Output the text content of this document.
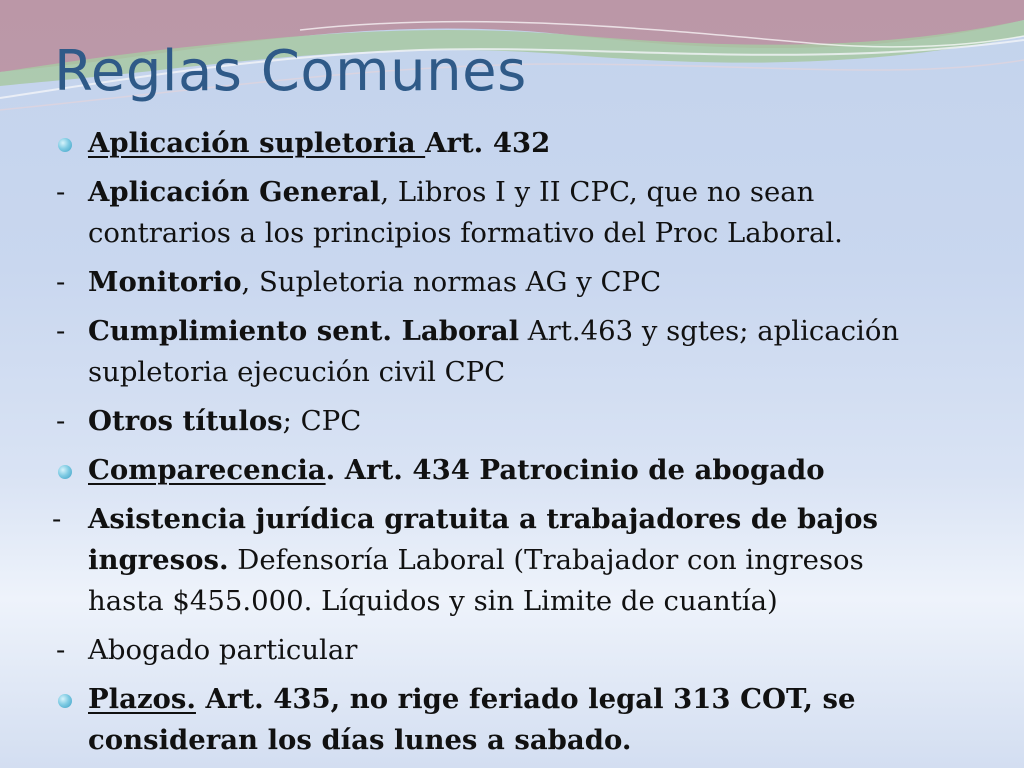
Reglas Comunes
Aplicación supletoria Art. 432
- Aplicación General, Libros I y II CPC, que no sean
contrarios a los principios formativo del Proc Laboral.
- Monitorio, Supletoria normas AG y CPC
- Cumplimiento sent. Laboral Art.463 y sgtes; aplicación
supletoria ejecución civil CPC
- Otros títulos; CPC
Comparecencia. Art. 434 Patrocinio de abogado
- Asistencia jurídica gratuita a trabajadores de bajos
ingresos. Defensoría Laboral (Trabajador con ingresos
hasta $455.000. Líquidos y sin Limite de cuantía)
- Abogado particular
Plazos. Art. 435, no rige feriado legal 313 COT, se
consideran los días lunes a sabado.
